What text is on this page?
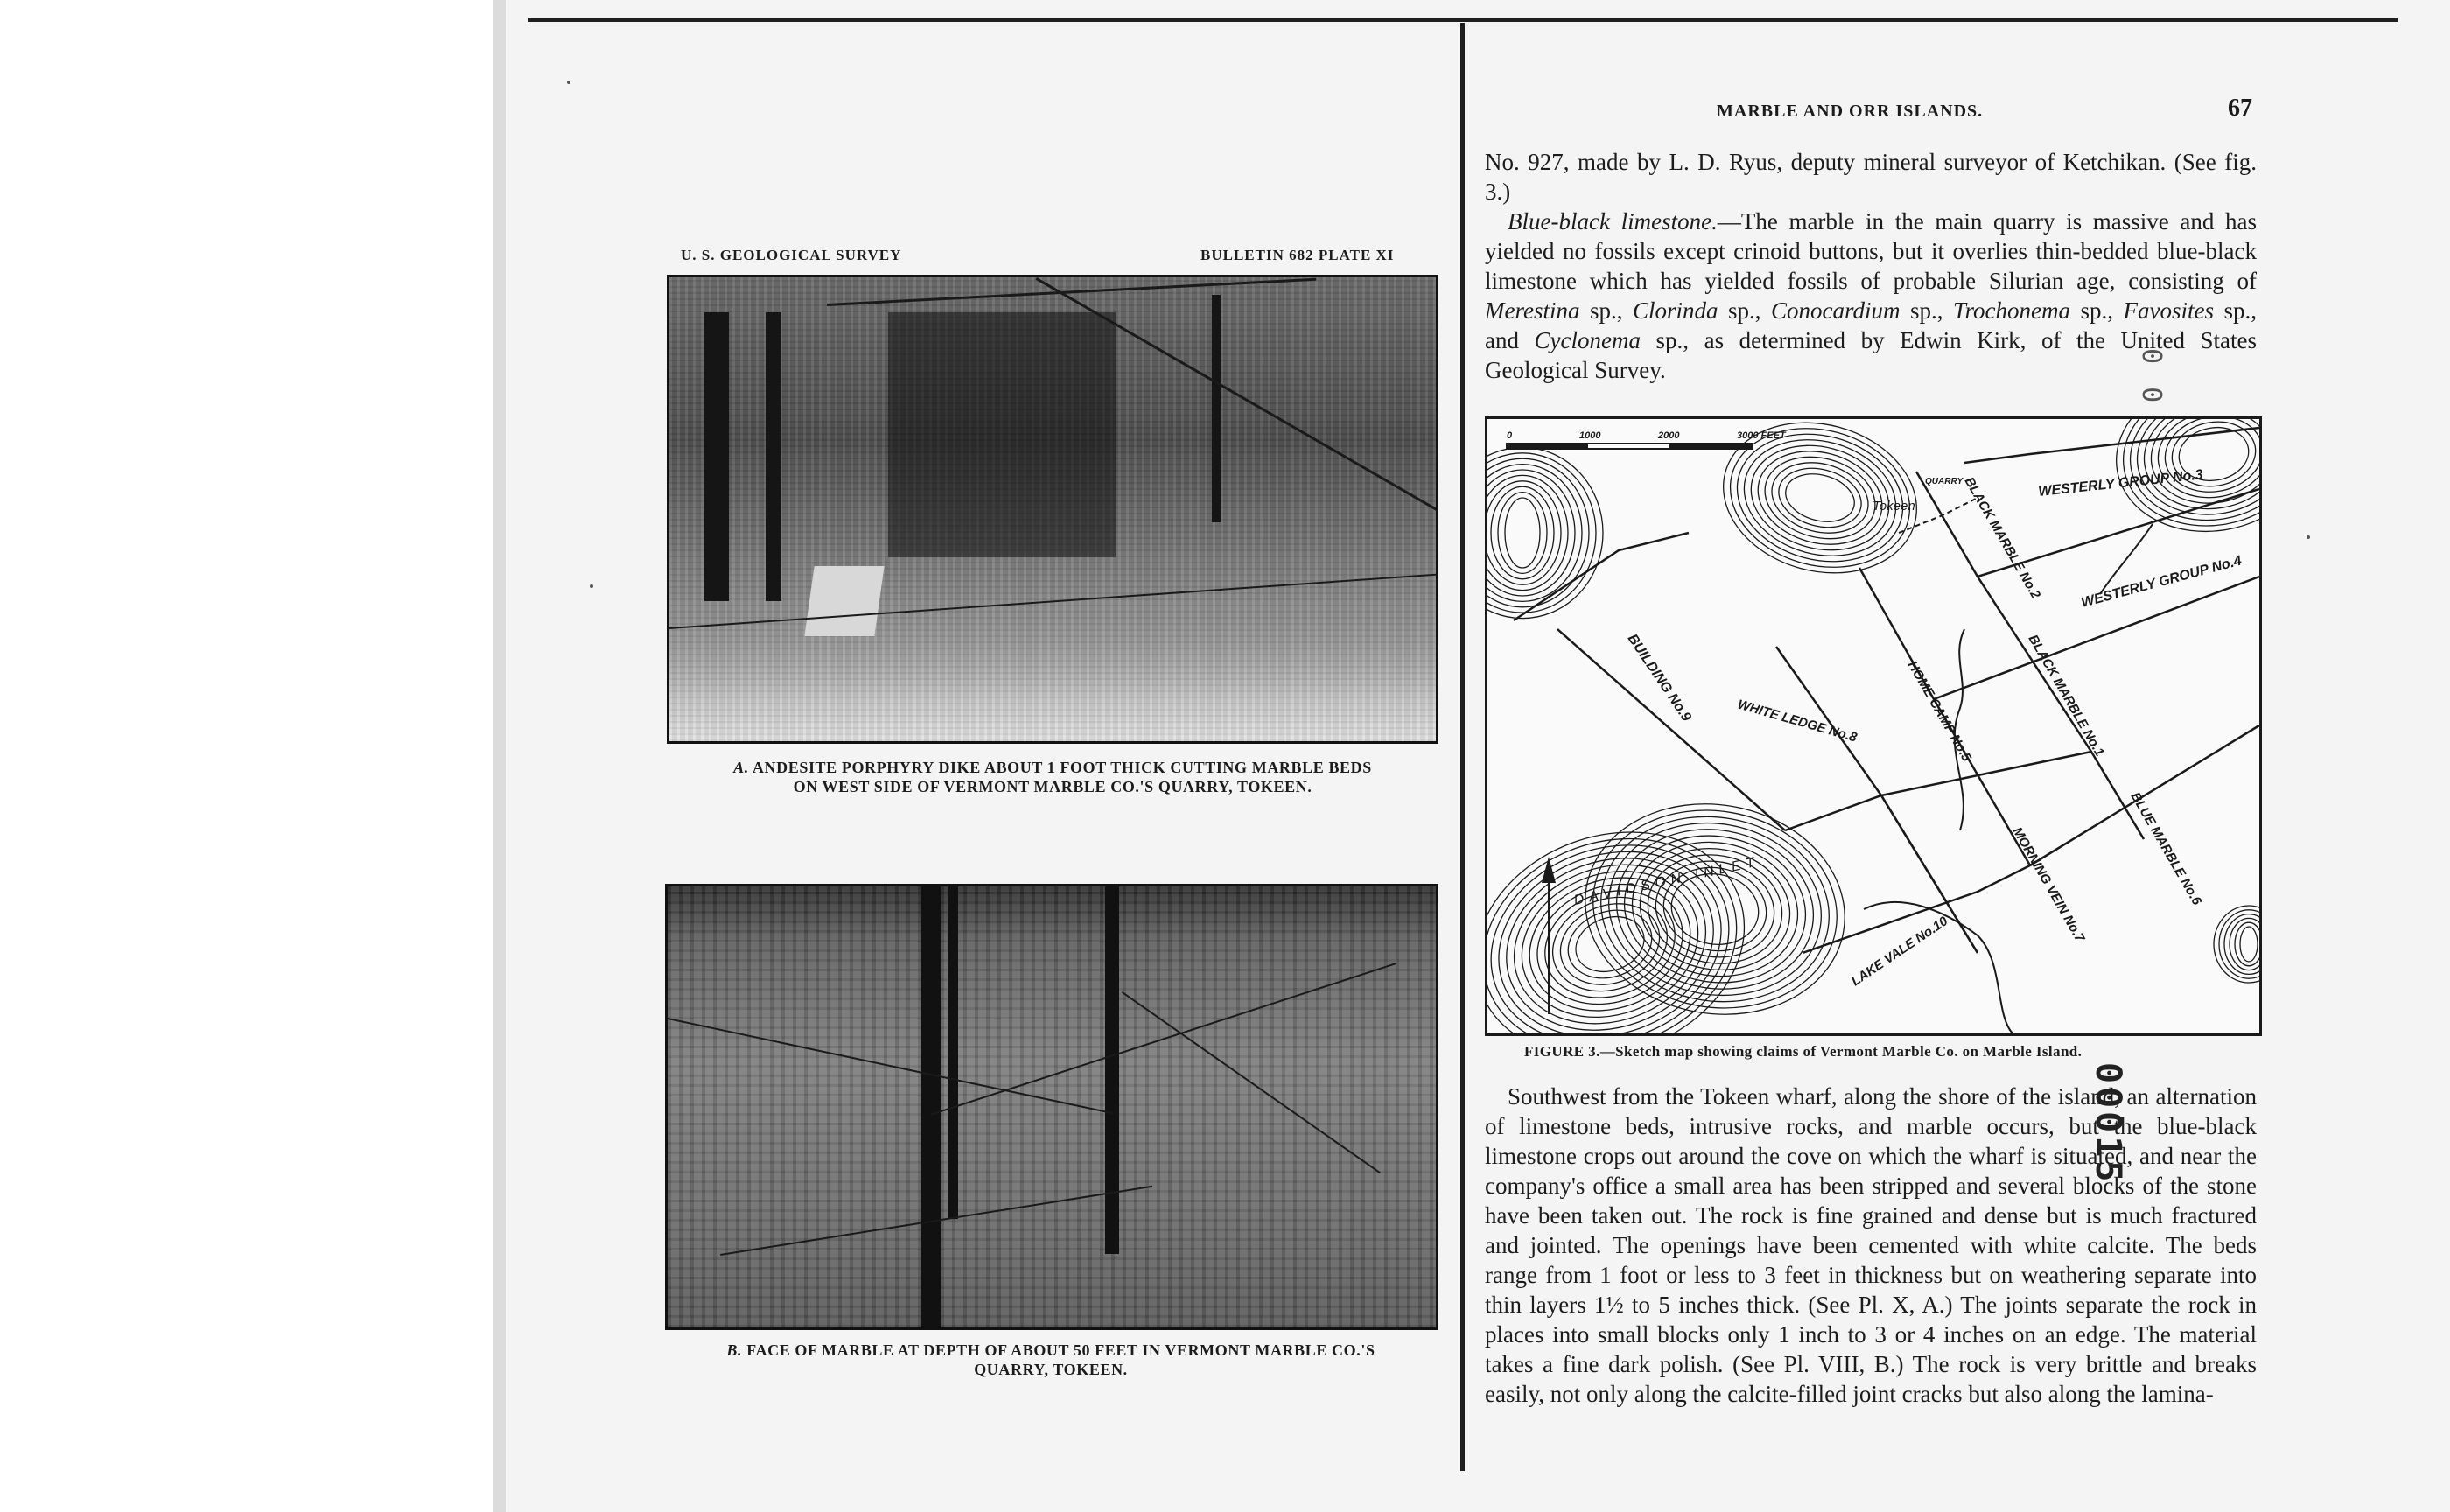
U. S. GEOLOGICAL SURVEY	BULLETIN 682 PLATE XI
A. ANDESITE PORPHYRY DIKE ABOUT 1 FOOT THICK CUTTING MARBLE BEDS
ON WEST SIDE OF VERMONT MARBLE CO.'S QUARRY, TOKEEN.
B. FACE OF MARBLE AT DEPTH OF ABOUT 50 FEET IN VERMONT MARBLE CO.'S
QUARRY, TOKEEN.
MARBLE AND ORR ISLANDS.	67

No. 927, made by L. D. Ryus, deputy mineral surveyor of Ketchikan. (See fig. 3.)

Blue-black limestone.—The marble in the main quarry is massive and has yielded no fossils except crinoid buttons, but it overlies thin-bedded blue-black limestone which has yielded fossils of probable Silurian age, consisting of Merestina sp., Clorinda sp., Conocardium sp., Trochonema sp., Favosites sp., and Cyclonema sp., as determined by Edwin Kirk, of the United States Geological Survey.

0	1000	2000	3000 FEET
QUARRY
Tokeen	BLACK MARBLE No.2
WESTERLY GROUP No.3
WESTERLY GROUP No.4
BLACK MARBLE No.1
BUILDING No.9	WHITE LEDGE No.8	HOME CAMP No.5
BLUE MARBLE No.6
MORNING VEIN No.7
LAKE VALE No.10
DAVIDSON INLET
FIGURE 3.—Sketch map showing claims of Vermont Marble Co. on Marble Island.

Southwest from the Tokeen wharf, along the shore of the island, an alternation of limestone beds, intrusive rocks, and marble occurs, but the blue-black limestone crops out around the cove on which the wharf is situated, and near the company's office a small area has been stripped and several blocks of the stone have been taken out. The rock is fine grained and dense but is much fractured and jointed. The openings have been cemented with white calcite. The beds range from 1 foot or less to 3 feet in thickness but on weathering separate into thin layers 1½ to 5 inches thick. (See Pl. X, A.) The joints separate the rock in places into small blocks only 1 inch to 3 or 4 inches on an edge. The material takes a fine dark polish. (See Pl. VIII, B.) The rock is very brittle and breaks easily, not only along the calcite-filled joint cracks but also along the lamina-

00015
0 0
